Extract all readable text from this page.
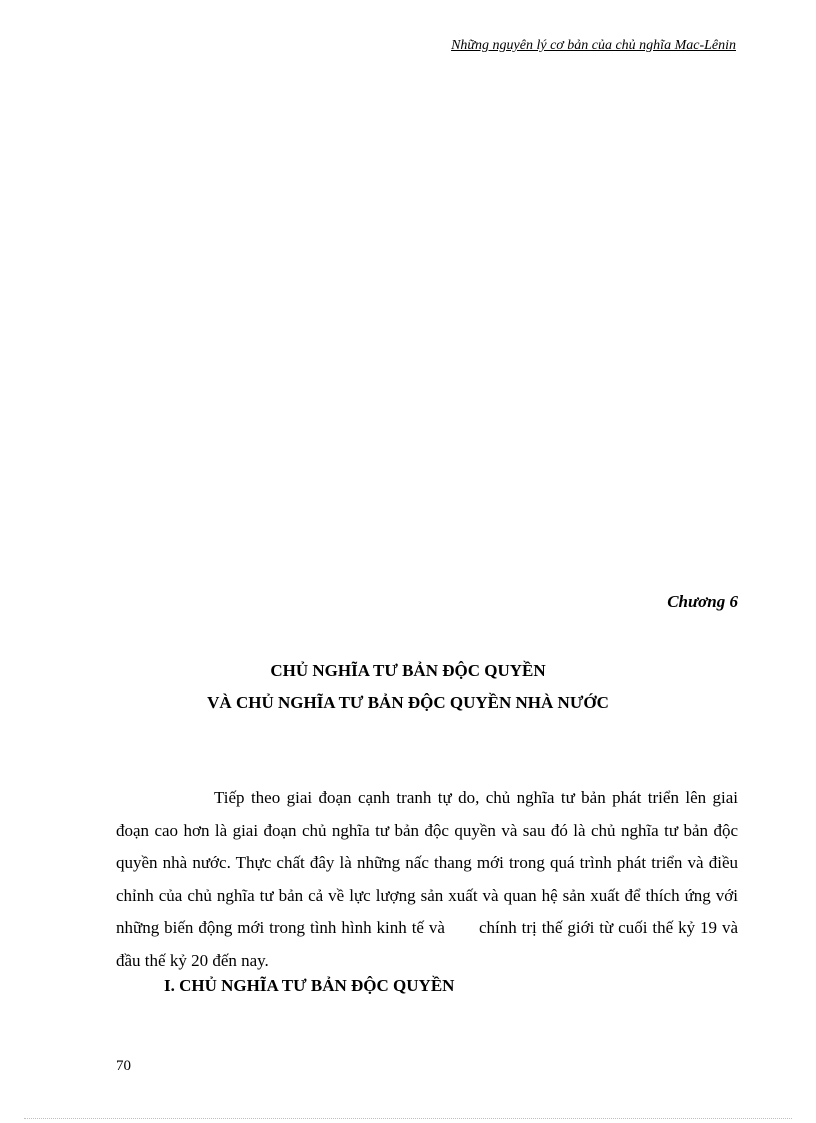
Những nguyên lý cơ bản của chủ nghĩa Mac-Lênin
Chương 6
CHỦ NGHĨA TƯ BẢN ĐỘC QUYỀN
VÀ CHỦ NGHĨA TƯ BẢN ĐỘC QUYỀN NHÀ NƯỚC

Tiếp theo giai đoạn cạnh tranh tự do, chủ nghĩa tư bản phát triển lên giai đoạn cao hơn là giai đoạn chủ nghĩa tư bản độc quyền và sau đó là chủ nghĩa tư bản độc quyền nhà nước. Thực chất đây là những nấc thang mới trong quá trình phát triển và điều chỉnh của chủ nghĩa tư bản cả về lực lượng sản xuất và quan hệ sản xuất để thích ứng với những biến động mới trong tình hình kinh tế và chính trị thế giới từ cuối thế kỷ 19 và đầu thế kỷ 20 đến nay.

I. CHỦ NGHĨA TƯ BẢN ĐỘC QUYỀN
70
